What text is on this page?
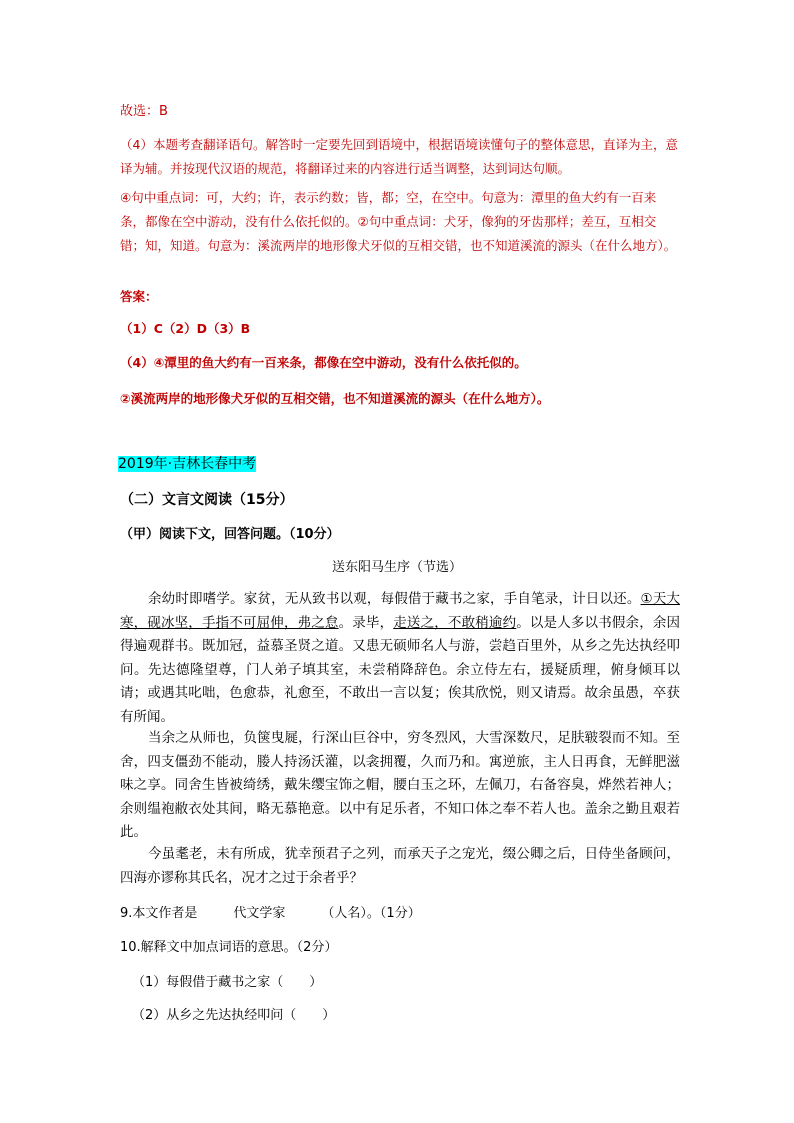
故选：B
（4）本题考查翻译语句。解答时一定要先回到语境中，根据语境读懂句子的整体意思，直译为主，意译为辅。并按现代汉语的规范，将翻译过来的内容进行适当调整，达到词达句顺。
④句中重点词：可，大约；许，表示约数；皆，都；空，在空中。句意为：潭里的鱼大约有一百来条，都像在空中游动，没有什么依托似的。②句中重点词：犬牙，像狗的牙齿那样；差互，互相交错；知，知道。句意为：溪流两岸的地形像犬牙似的互相交错，也不知道溪流的源头（在什么地方）。
答案：
（1）C（2）D（3）B
（4）④潭里的鱼大约有一百来条，都像在空中游动，没有什么依托似的。
②溪流两岸的地形像犬牙似的互相交错，也不知道溪流的源头（在什么地方）。
2019年·吉林长春中考
（二）文言文阅读（15分）
（甲）阅读下文，回答问题。（10分）
送东阳马生序（节选）
余幼时即嗜学。家贫，无从致书以观，每假借于藏书之家，手自笔录，计日以还。①天大寒，砚冰坚，手指不可屈伸，弗之怠。录毕，走送之，不敢稍逾约。以是人多以书假余，余因得遍观群书。既加冠，益慕圣贤之道。又患无硕师名人与游，尝趋百里外，从乡之先达执经叩问。先达德隆望尊，门人弟子填其室，未尝稍降辞色。余立侍左右，援疑质理，俯身倾耳以请；或遇其叱咄，色愈恭，礼愈至，不敢出一言以复；俟其欣悦，则又请焉。故余虽愚，卒获有所闻。
当余之从师也，负箧曳屣，行深山巨谷中，穷冬烈风，大雪深数尺，足肤皲裂而不知。至舍，四支僵劲不能动，媵人持汤沃灌，以衾拥覆，久而乃和。寓逆旅，主人日再食，无鲜肥滋味之享。同舍生皆被绮绣，戴朱缨宝饰之帽，腰白玉之环，左佩刀，右备容臭，烨然若神人；余则缊袍敝衣处其间，略无慕艳意。以中有足乐者，不知口体之奉不若人也。盖余之勤且艰若此。
今虽耄老，未有所成，犹幸预君子之列，而承天子之宠光，缀公卿之后，日侍坐备顾问，四海亦谬称其氏名，况才之过于余者乎？
9.本文作者是	代文学家	（人名）。（1分）
10.解释文中加点词语的意思。（2分）
（1）每假借于藏书之家（　　）
（2）从乡之先达执经叩问（　　）
